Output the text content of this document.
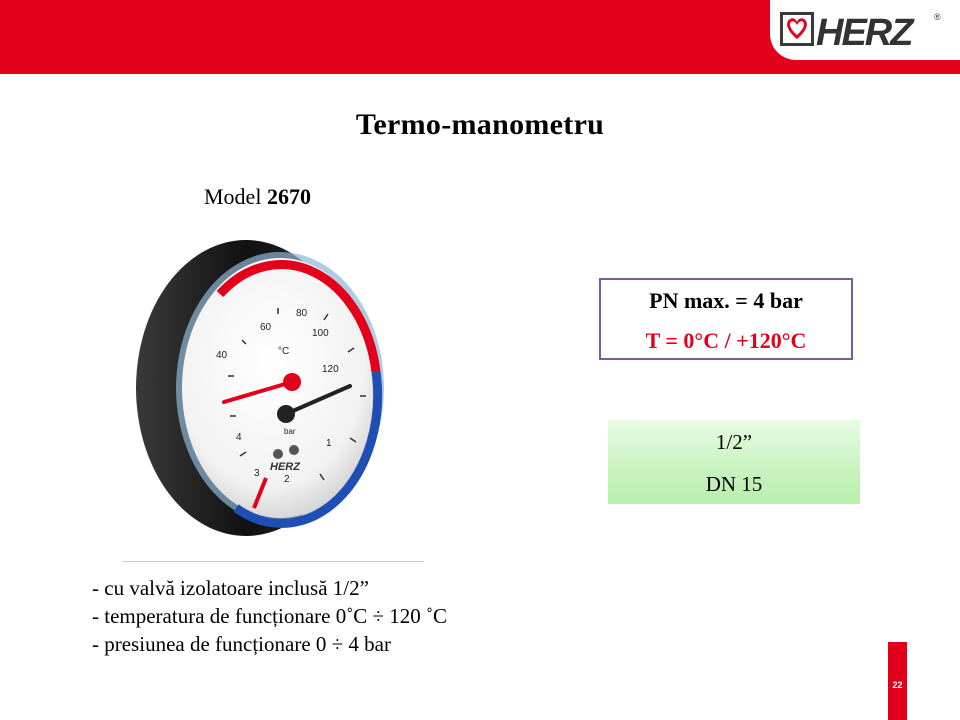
HERZ	®
Termo-manometru
Model 2670
40
60
80
100
120
°C
1
2
3
4
bar
HERZ
PN max. = 4 bar
T = 0°C / +120°C
1/2”
DN 15
- cu valvă izolatoare inclusă 1/2”
- temperatura de funcționare 0˚C ÷ 120 ˚C
- presiunea de funcționare 0 ÷ 4 bar
22
